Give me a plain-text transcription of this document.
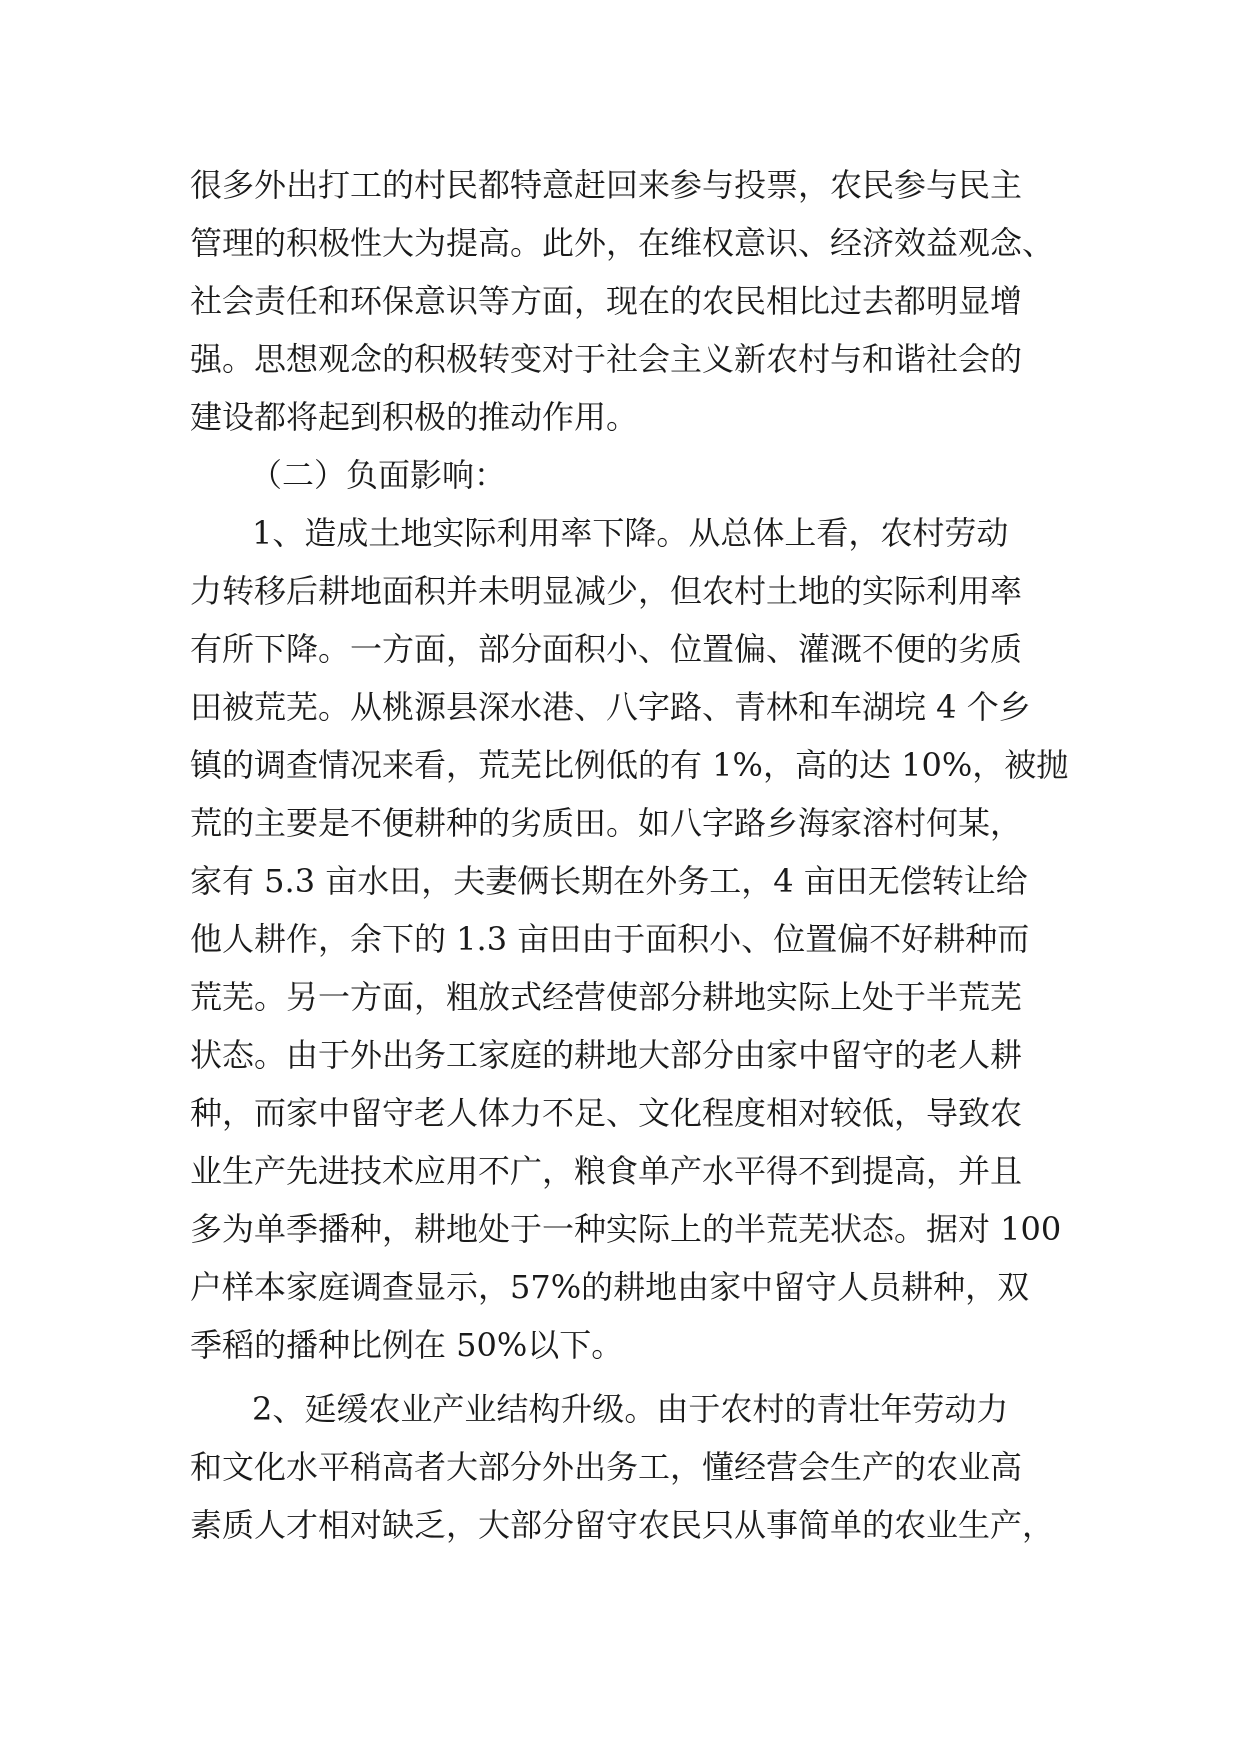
很多外出打工的村民都特意赶回来参与投票，农民参与民主
管理的积极性大为提高。此外，在维权意识、经济效益观念、
社会责任和环保意识等方面，现在的农民相比过去都明显增
强。思想观念的积极转变对于社会主义新农村与和谐社会的
建设都将起到积极的推动作用。
（二）负面影响：
1、造成土地实际利用率下降。从总体上看，农村劳动
力转移后耕地面积并未明显减少，但农村土地的实际利用率
有所下降。一方面，部分面积小、位置偏、灌溉不便的劣质
田被荒芜。从桃源县深水港、八字路、青林和车湖垸 4 个乡
镇的调查情况来看，荒芜比例低的有 1%，高的达 10%，被抛
荒的主要是不便耕种的劣质田。如八字路乡海家溶村何某，
家有 5.3 亩水田，夫妻俩长期在外务工，4 亩田无偿转让给
他人耕作，余下的 1.3 亩田由于面积小、位置偏不好耕种而
荒芜。另一方面，粗放式经营使部分耕地实际上处于半荒芜
状态。由于外出务工家庭的耕地大部分由家中留守的老人耕
种，而家中留守老人体力不足、文化程度相对较低，导致农
业生产先进技术应用不广，粮食单产水平得不到提高，并且
多为单季播种，耕地处于一种实际上的半荒芜状态。据对 100
户样本家庭调查显示，57%的耕地由家中留守人员耕种，双
季稻的播种比例在 50%以下。
2、延缓农业产业结构升级。由于农村的青壮年劳动力
和文化水平稍高者大部分外出务工，懂经营会生产的农业高
素质人才相对缺乏，大部分留守农民只从事简单的农业生产，
